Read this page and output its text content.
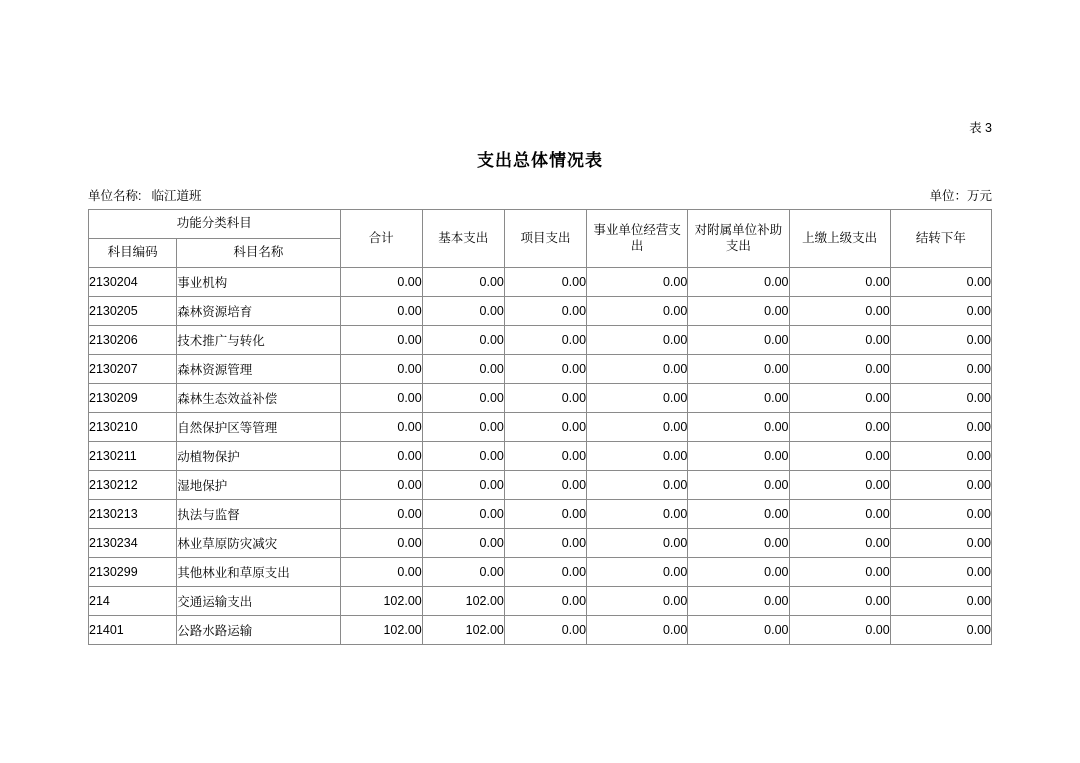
表 3
支出总体情况表
单位名称: 临江道班	单位：万元
功能分类科目		合计	基本支出	项目支出	事业单位经营支出	对附属单位补助支出	上缴上级支出	结转下年
科目编码	科目名称							
2130204	事业机构	0.00	0.00	0.00	0.00	0.00	0.00	0.00
2130205	森林资源培育	0.00	0.00	0.00	0.00	0.00	0.00	0.00
2130206	技术推广与转化	0.00	0.00	0.00	0.00	0.00	0.00	0.00
2130207	森林资源管理	0.00	0.00	0.00	0.00	0.00	0.00	0.00
2130209	森林生态效益补偿	0.00	0.00	0.00	0.00	0.00	0.00	0.00
2130210	自然保护区等管理	0.00	0.00	0.00	0.00	0.00	0.00	0.00
2130211	动植物保护	0.00	0.00	0.00	0.00	0.00	0.00	0.00
2130212	湿地保护	0.00	0.00	0.00	0.00	0.00	0.00	0.00
2130213	执法与监督	0.00	0.00	0.00	0.00	0.00	0.00	0.00
2130234	林业草原防灾减灾	0.00	0.00	0.00	0.00	0.00	0.00	0.00
2130299	其他林业和草原支出	0.00	0.00	0.00	0.00	0.00	0.00	0.00
214	交通运输支出	102.00	102.00	0.00	0.00	0.00	0.00	0.00
21401	公路水路运输	102.00	102.00	0.00	0.00	0.00	0.00	0.00
